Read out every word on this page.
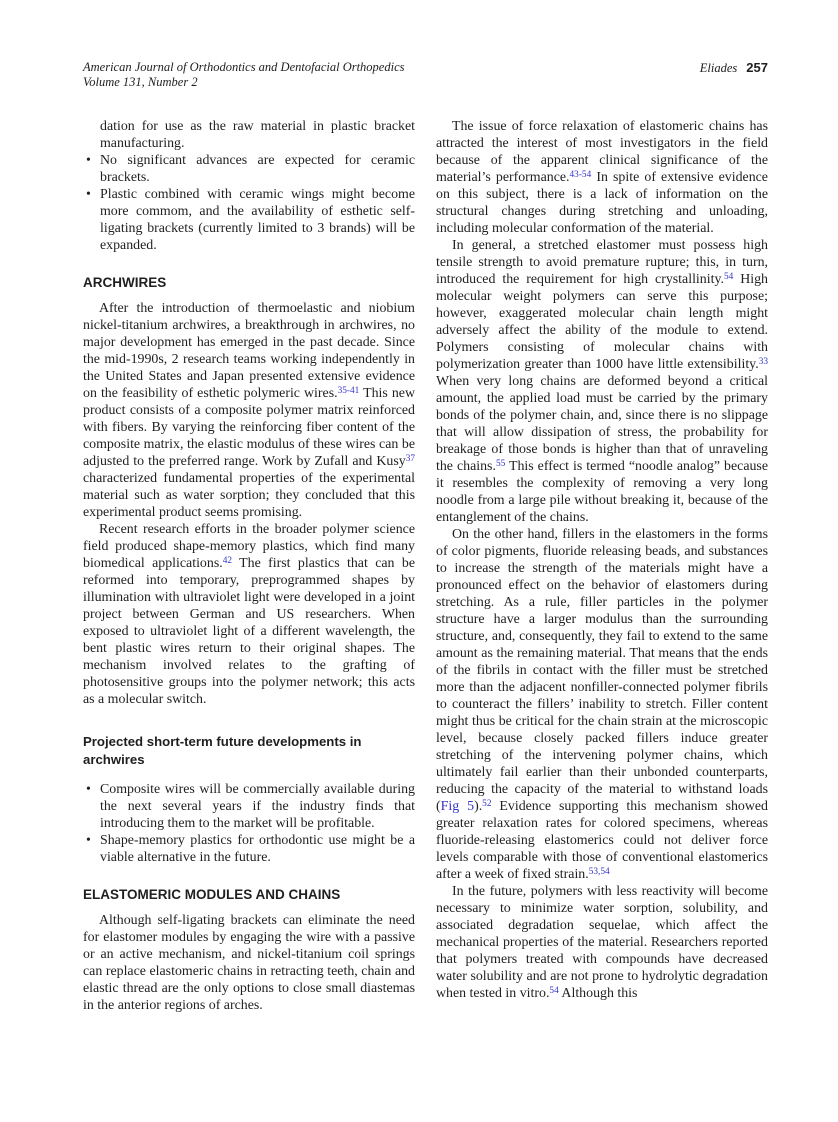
American Journal of Orthodontics and Dentofacial Orthopedics
Volume 131, Number 2
Eliades 257
dation for use as the raw material in plastic bracket manufacturing.
• No significant advances are expected for ceramic brackets.
• Plastic combined with ceramic wings might become more commom, and the availability of esthetic self-ligating brackets (currently limited to 3 brands) will be expanded.
ARCHWIRES

After the introduction of thermoelastic and niobium nickel-titanium archwires, a breakthrough in archwires, no major development has emerged in the past decade. Since the mid-1990s, 2 research teams working independently in the United States and Japan presented extensive evidence on the feasibility of esthetic polymeric wires.$^{35-41}$ This new product consists of a composite polymer matrix reinforced with fibers. By varying the reinforcing fiber content of the composite matrix, the elastic modulus of these wires can be adjusted to the preferred range. Work by Zufall and Kusy$^{37}$ characterized fundamental properties of the experimental material such as water sorption; they concluded that this experimental product seems promising.

Recent research efforts in the broader polymer science field produced shape-memory plastics, which find many biomedical applications.$^{42}$ The first plastics that can be reformed into temporary, preprogrammed shapes by illumination with ultraviolet light were developed in a joint project between German and US researchers. When exposed to ultraviolet light of a different wavelength, the bent plastic wires return to their original shapes. The mechanism involved relates to the grafting of photosensitive groups into the polymer network; this acts as a molecular switch.

Projected short-term future developments in archwires
• Composite wires will be commercially available during the next several years if the industry finds that introducing them to the market will be profitable.
• Shape-memory plastics for orthodontic use might be a viable alternative in the future.
ELASTOMERIC MODULES AND CHAINS

Although self-ligating brackets can eliminate the need for elastomer modules by engaging the wire with a passive or an active mechanism, and nickel-titanium coil springs can replace elastomeric chains in retracting teeth, chain and elastic thread are the only options to close small diastemas in the anterior regions of arches.

The issue of force relaxation of elastomeric chains has attracted the interest of most investigators in the field because of the apparent clinical significance of the material’s performance.$^{43-54}$ In spite of extensive evidence on this subject, there is a lack of information on the structural changes during stretching and unloading, including molecular conformation of the material.

In general, a stretched elastomer must possess high tensile strength to avoid premature rupture; this, in turn, introduced the requirement for high crystallinity.$^{54}$ High molecular weight polymers can serve this purpose; however, exaggerated molecular chain length might adversely affect the ability of the module to extend. Polymers consisting of molecular chains with polymerization greater than 1000 have little extensibility.$^{33}$ When very long chains are deformed beyond a critical amount, the applied load must be carried by the primary bonds of the polymer chain, and, since there is no slippage that will allow dissipation of stress, the probability for breakage of those bonds is higher than that of unraveling the chains.$^{55}$ This effect is termed “noodle analog” because it resembles the complexity of removing a very long noodle from a large pile without breaking it, because of the entanglement of the chains.

On the other hand, fillers in the elastomers in the forms of color pigments, fluoride releasing beads, and substances to increase the strength of the materials might have a pronounced effect on the behavior of elastomers during stretching. As a rule, filler particles in the polymer structure have a larger modulus than the surrounding structure, and, consequently, they fail to extend to the same amount as the remaining material. That means that the ends of the fibrils in contact with the filler must be stretched more than the adjacent nonfiller-connected polymer fibrils to counteract the fillers’ inability to stretch. Filler content might thus be critical for the chain strain at the microscopic level, because closely packed fillers induce greater stretching of the intervening polymer chains, which ultimately fail earlier than their unbonded counterparts, reducing the capacity of the material to withstand loads (Fig 5).$^{52}$ Evidence supporting this mechanism showed greater relaxation rates for colored specimens, whereas fluoride-releasing elastomerics could not deliver force levels comparable with those of conventional elastomerics after a week of fixed strain.$^{53,54}$

In the future, polymers with less reactivity will become necessary to minimize water sorption, solubility, and associated degradation sequelae, which affect the mechanical properties of the material. Researchers reported that polymers treated with compounds have decreased water solubility and are not prone to hydrolytic degradation when tested in vitro.$^{54}$ Although this
